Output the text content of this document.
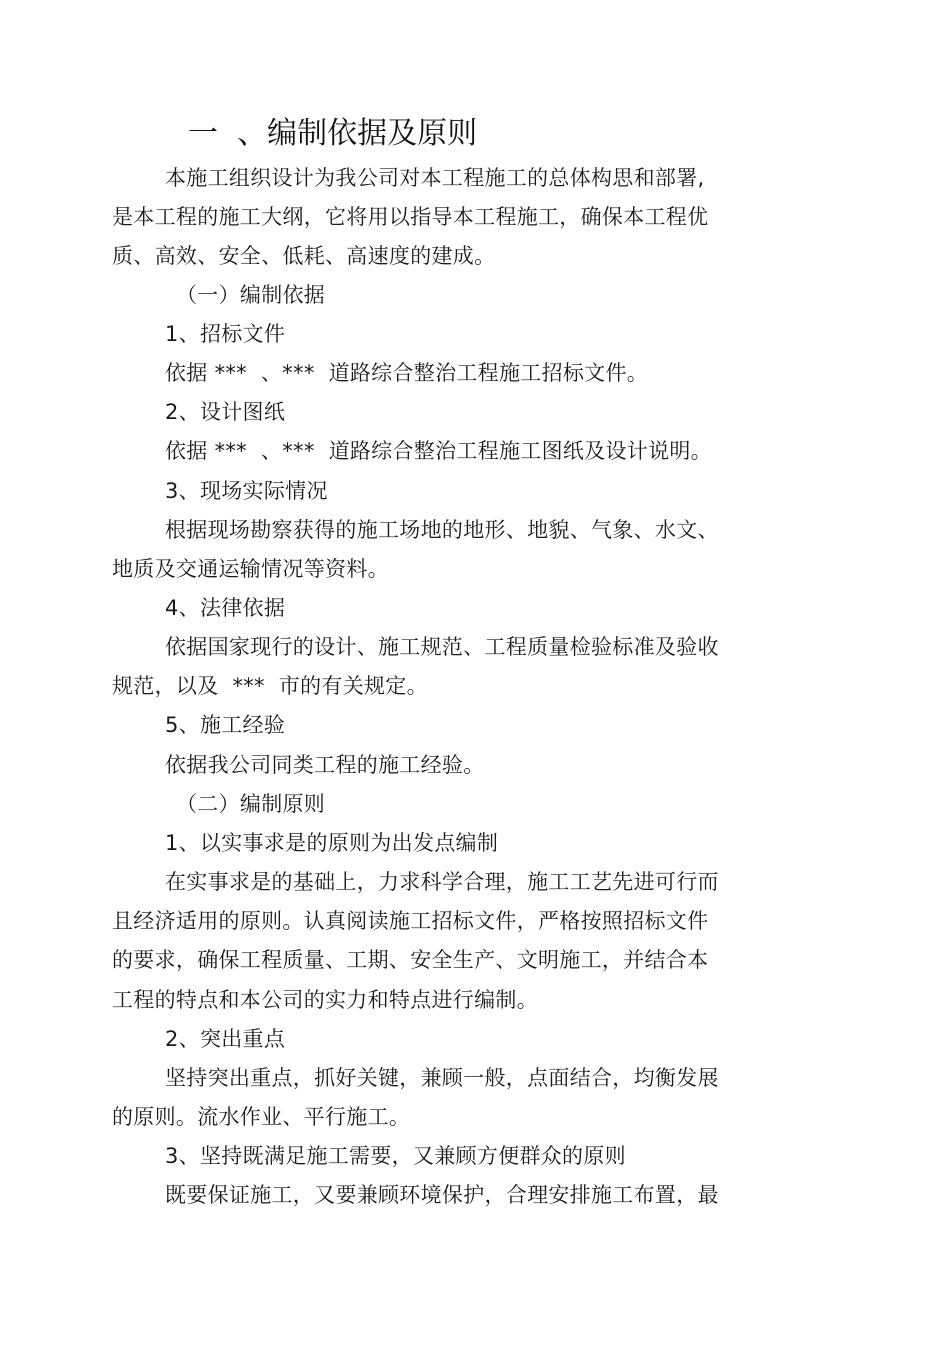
一  、编制依据及原则
本施工组织设计为我公司对本工程施工的总体构思和部署,
是本工程的施工大纲，它将用以指导本工程施工，确保本工程优
质、高效、安全、低耗、高速度的建成。
（一）编制依据
1、招标文件
依据 ***  、***  道路综合整治工程施工招标文件。
2、设计图纸
依据 ***  、***  道路综合整治工程施工图纸及设计说明。
3、现场实际情况
根据现场勘察获得的施工场地的地形、地貌、气象、水文、
地质及交通运输情况等资料。
4、法律依据
依据国家现行的设计、施工规范、工程质量检验标准及验收
规范，以及  ***  市的有关规定。
5、施工经验
依据我公司同类工程的施工经验。
（二）编制原则
1、以实事求是的原则为出发点编制
在实事求是的基础上，力求科学合理，施工工艺先进可行而
且经济适用的原则。认真阅读施工招标文件，严格按照招标文件
的要求，确保工程质量、工期、安全生产、文明施工，并结合本
工程的特点和本公司的实力和特点进行编制。
2、突出重点
坚持突出重点，抓好关键，兼顾一般，点面结合，均衡发展
的原则。流水作业、平行施工。
3、坚持既满足施工需要，又兼顾方便群众的原则
既要保证施工，又要兼顾环境保护，合理安排施工布置，最
